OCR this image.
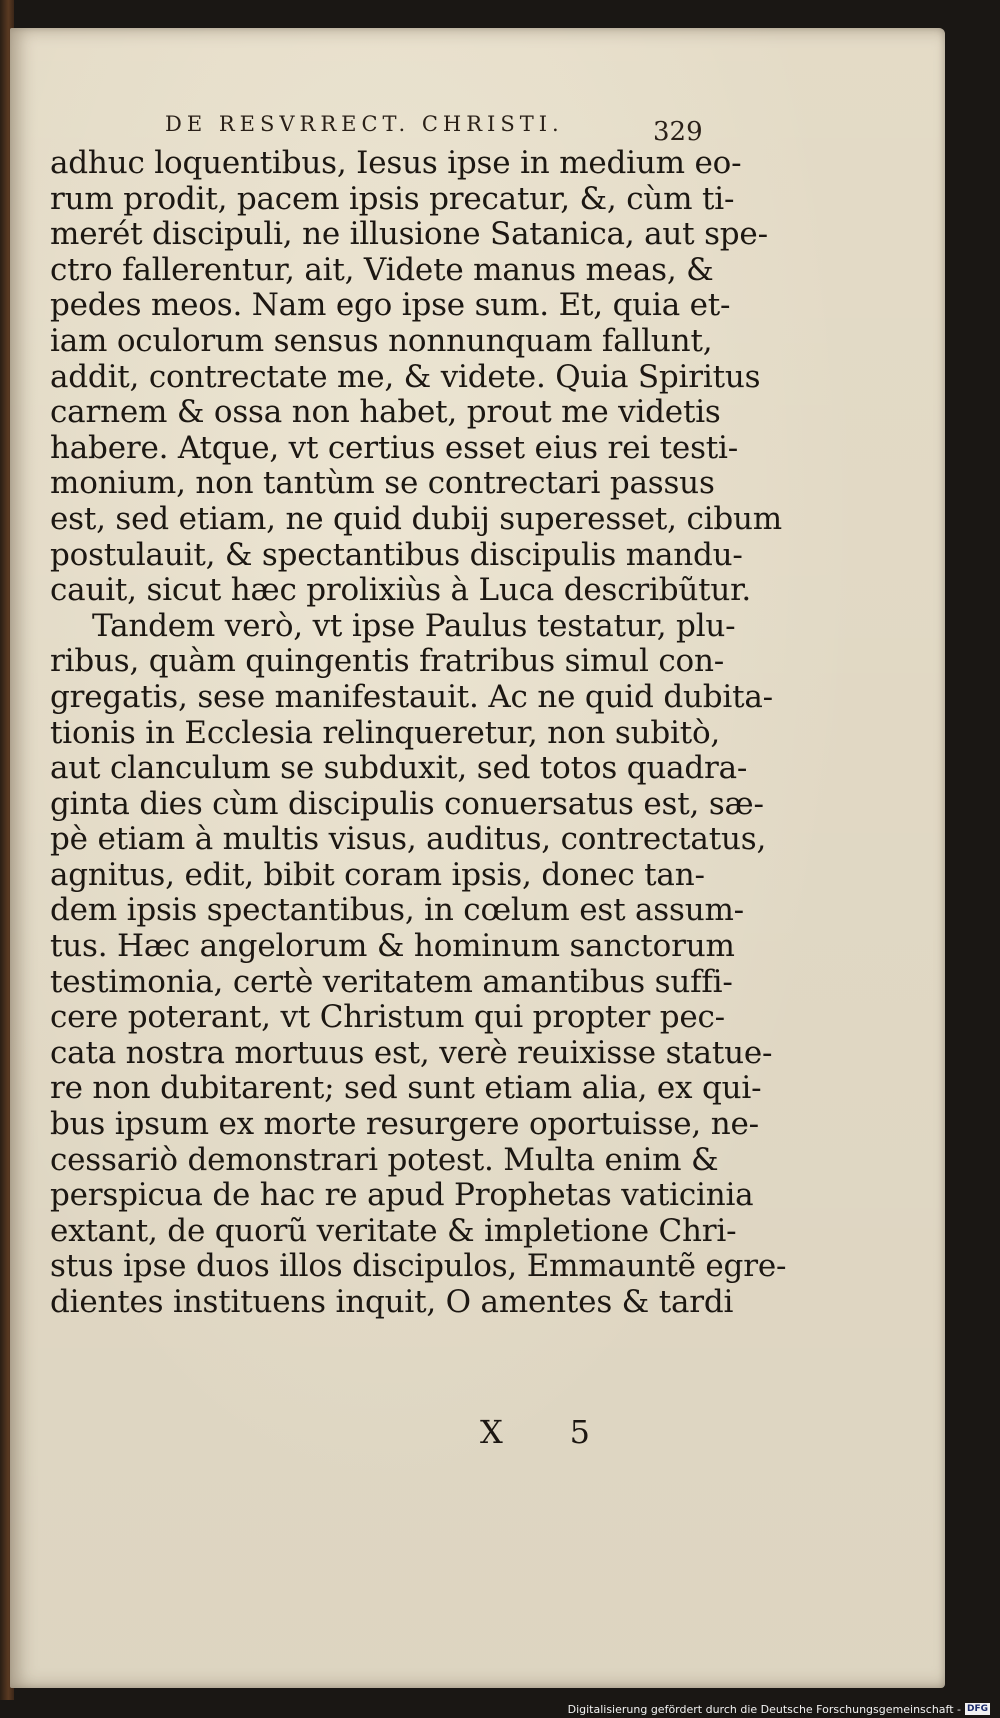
DE RESVRRECT. CHRISTI.	329
adhuc loquentibus, Iesus ipse in medium eo-
rum prodit, pacem ipsis precatur, &, cùm ti-
merét discipuli, ne illusione Satanica, aut spe-
ctro fallerentur, ait, Videte manus meas, &
pedes meos. Nam ego ipse sum. Et, quia et-
iam oculorum sensus nonnunquam fallunt,
addit, contrectate me, & videte. Quia Spiritus
carnem & ossa non habet, prout me videtis
habere. Atque, vt certius esset eius rei testi-
monium, non tantùm se contrectari passus
est, sed etiam, ne quid dubij superesset, cibum
postulauit, & spectantibus discipulis mandu-
cauit, sicut hæc prolixiùs à Luca describũtur.
Tandem verò, vt ipse Paulus testatur, plu-
ribus, quàm quingentis fratribus simul con-
gregatis, sese manifestauit. Ac ne quid dubita-
tionis in Ecclesia relinqueretur, non subitò,
aut clanculum se subduxit, sed totos quadra-
ginta dies cùm discipulis conuersatus est, sæ-
pè etiam à multis visus, auditus, contrectatus,
agnitus, edit, bibit coram ipsis, donec tan-
dem ipsis spectantibus, in cœlum est assum-
tus. Hæc angelorum & hominum sanctorum
testimonia, certè veritatem amantibus suffi-
cere poterant, vt Christum qui propter pec-
cata nostra mortuus est, verè reuixisse statue-
re non dubitarent; sed sunt etiam alia, ex qui-
bus ipsum ex morte resurgere oportuisse, ne-
cessariò demonstrari potest. Multa enim &
perspicua de hac re apud Prophetas vaticinia
extant, de quorũ veritate & impletione Chri-
stus ipse duos illos discipulos, Emmauntẽ egre-
dientes instituens inquit, O amentes & tardi
X 5
Digitalisierung gefördert durch die Deutsche Forschungsgemeinschaft - DFG
